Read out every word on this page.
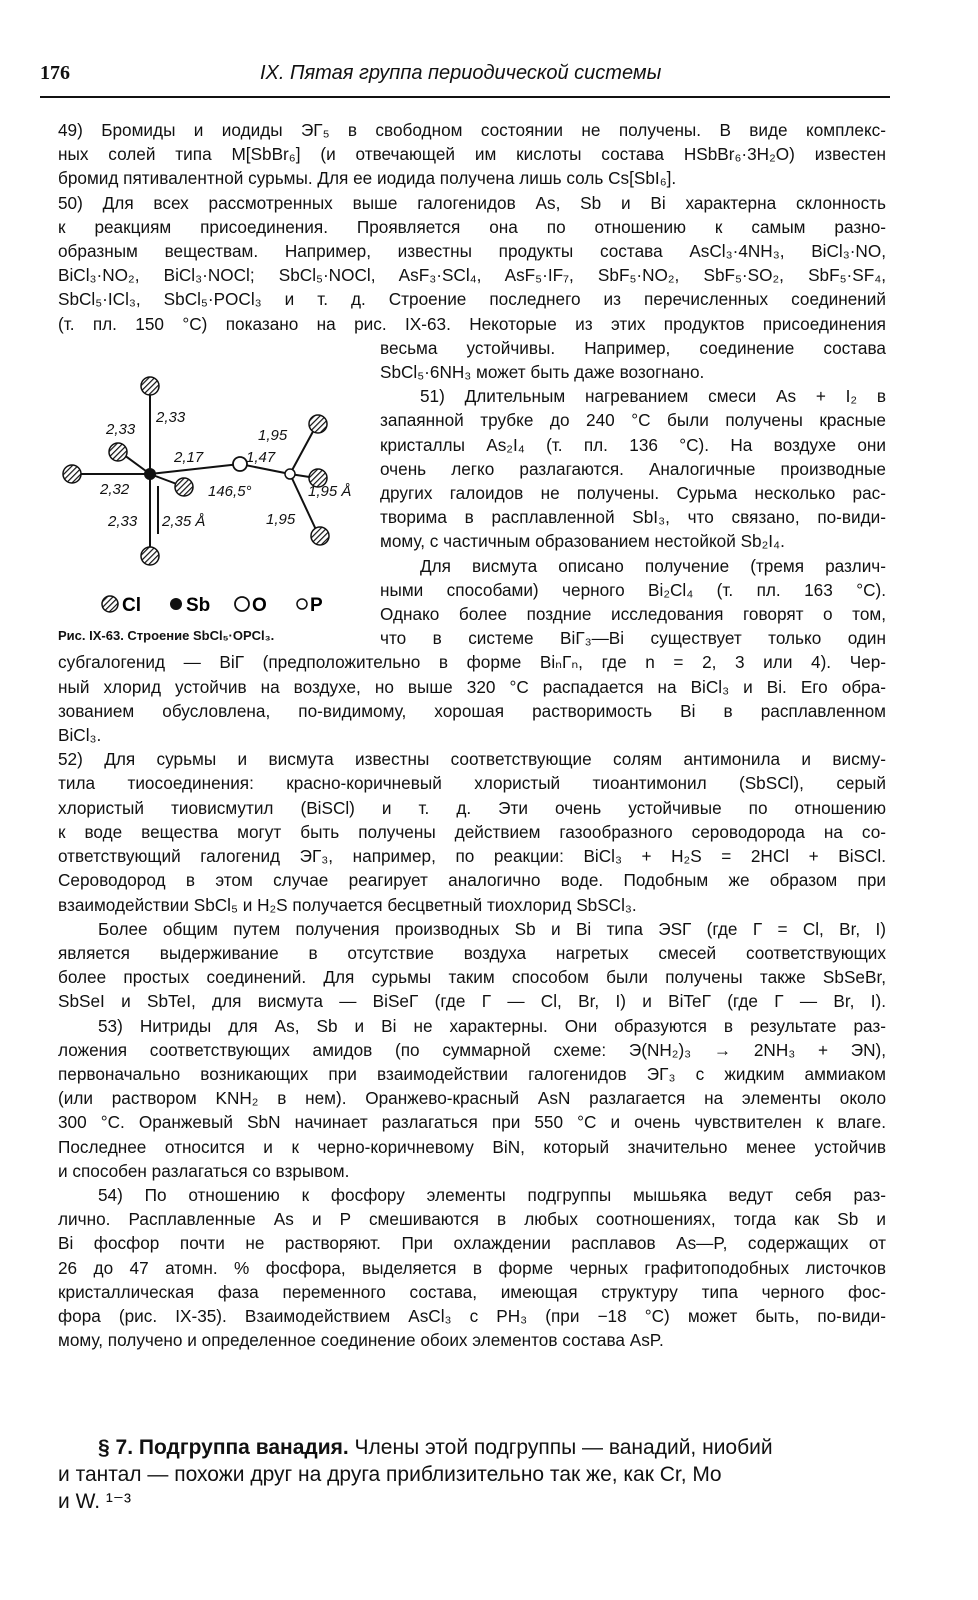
176	IX. Пятая группа периодической системы
49) Бромиды и иодиды ЭГ₅ в свободном состоянии не получены. В виде комплекс-
ных солей типа M[SbBr₆] (и отвечающей им кислоты состава HSbBr₆·3H₂O) известен
бромид пятивалентной сурьмы. Для ее иодида получена лишь соль Cs[SbI₆].
50) Для всех рассмотренных выше галогенидов As, Sb и Bi характерна склонность
к реакциям присоединения. Проявляется она по отношению к самым разно-
образным веществам. Например, известны продукты состава AsCl₃·4NH₃, BiCl₃·NO,
BiCl₃·NO₂, BiCl₃·NOCl; SbCl₅·NOCl, AsF₃·SCl₄, AsF₅·IF₇, SbF₅·NO₂, SbF₅·SO₂, SbF₅·SF₄,
SbCl₅·ICl₃, SbCl₅·POCl₃ и т. д. Строение последнего из перечисленных соединений
(т. пл. 150 °C) показано на рис. IX-63. Некоторые из этих продуктов присоединения
весьма устойчивы. Например, соединение состава
SbCl₅·6NH₃ может быть даже возогнано.
51) Длительным нагреванием смеси As + I₂ в
запаянной трубке до 240 °C были получены красные
кристаллы As₂I₄ (т. пл. 136 °C). На воздухе они
очень легко разлагаются. Аналогичные производные
других галоидов не получены. Сурьма несколько рас-
творима в расплавленной SbI₃, что связано, по-види-
мому, с частичным образованием нестойкой Sb₂I₄.
Для висмута описано получение (тремя различ-
ными способами) черного Bi₂Cl₄ (т. пл. 163 °C).
Однако более поздние исследования говорят о том,
что в системе BiГ₃—Bi существует только один
субгалогенид — BiГ (предположительно в форме BiₙГₙ, где n = 2, 3 или 4). Чер-
ный хлорид устойчив на воздухе, но выше 320 °C распадается на BiCl₃ и Bi. Его обра-
зованием обусловлена, по-видимому, хорошая растворимость Bi в расплавленном
BiCl₃.
52) Для сурьмы и висмута известны соответствующие солям антимонила и висму-
тила тиосоединения: красно-коричневый хлористый тиоантимонил (SbSCl), серый
хлористый тиовисмутил (BiSCl) и т. д. Эти очень устойчивые по отношению
к воде вещества могут быть получены действием газообразного сероводорода на со-
ответствующий галогенид ЭГ₃, например, по реакции: BiCl₃ + H₂S = 2HCl + BiSCl.
Сероводород в этом случае реагирует аналогично воде. Подобным же образом при
взаимодействии SbCl₅ и H₂S получается бесцветный тиохлорид SbSCl₃.
Более общим путем получения производных Sb и Bi типа ЭSГ (где Г = Cl, Br, I)
является выдерживание в отсутствие воздуха нагретых смесей соответствующих
более простых соединений. Для сурьмы таким способом были получены также SbSeBr,
SbSeI и SbTeI, для висмута — BiSeГ (где Г — Cl, Br, I) и BiTeГ (где Г — Br, I).
53) Нитриды для As, Sb и Bi не характерны. Они образуются в результате раз-
ложения соответствующих амидов (по суммарной схеме: Э(NH₂)₃ → 2NH₃ + ЭN),
первоначально возникающих при взаимодействии галогенидов ЭГ₃ с жидким аммиаком
(или раствором KNH₂ в нем). Оранжево-красный AsN разлагается на элементы около
300 °C. Оранжевый SbN начинает разлагаться при 550 °C и очень чувствителен к влаге.
Последнее относится и к черно-коричневому BiN, который значительно менее устойчив
и способен разлагаться со взрывом.
54) По отношению к фосфору элементы подгруппы мышьяка ведут себя раз-
лично. Расплавленные As и P смешиваются в любых соотношениях, тогда как Sb и
Bi фосфор почти не растворяют. При охлаждении расплавов As—P, содержащих от
26 до 47 атомн. % фосфора, выделяется в форме черных графитоподобных листочков
кристаллическая фаза переменного состава, имеющая структуру типа черного фос-
фора (рис. IX-35). Взаимодействием AsCl₃ с PH₃ (при −18 °C) может быть, по-види-
мому, получено и определенное соединение обоих элементов состава AsP.
2,33
2,33
1,95
2,17	1,47
2,32	146,5°	1,95 Å
2,33 2,35 Å	1,95
Cl Sb O P
Рис. IX-63. Строение SbCl₅·OPCl₃.
§ 7. Подгруппа ванадия. Члены этой подгруппы — ванадий, ниобий
и тантал — похожи друг на друга приблизительно так же, как Cr, Mo
и W. ¹⁻³
